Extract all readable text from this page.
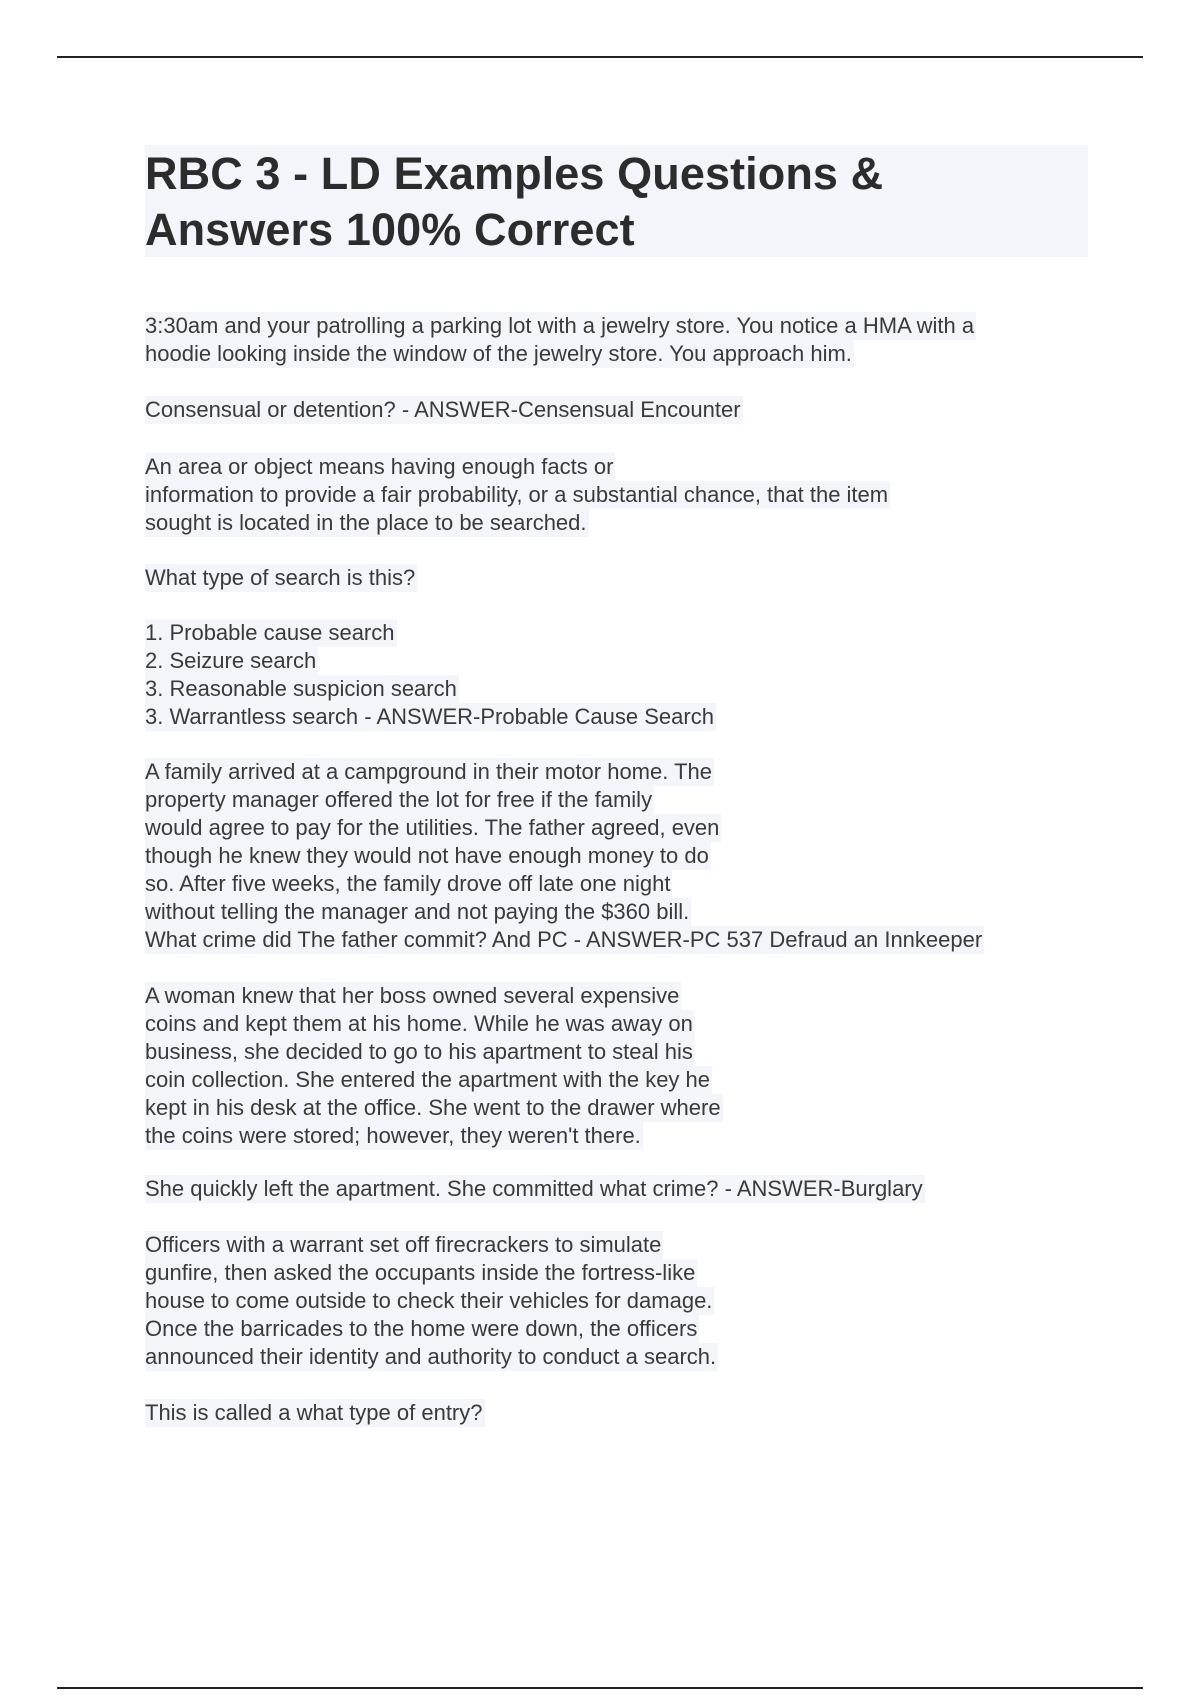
RBC 3 - LD Examples Questions &
Answers 100% Correct
3:30am and your patrolling a parking lot with a jewelry store. You notice a HMA with a
hoodie looking inside the window of the jewelry store. You approach him.
Consensual or detention? - ANSWER-Censensual Encounter
An area or object means having enough facts or
information to provide a fair probability, or a substantial chance, that the item
sought is located in the place to be searched.
What type of search is this?
1. Probable cause search
2. Seizure search
3. Reasonable suspicion search
3. Warrantless search - ANSWER-Probable Cause Search
A family arrived at a campground in their motor home. The
property manager offered the lot for free if the family
would agree to pay for the utilities. The father agreed, even
though he knew they would not have enough money to do
so. After five weeks, the family drove off late one night
without telling the manager and not paying the $360 bill.
What crime did The father commit? And PC - ANSWER-PC 537 Defraud an Innkeeper
A woman knew that her boss owned several expensive
coins and kept them at his home. While he was away on
business, she decided to go to his apartment to steal his
coin collection. She entered the apartment with the key he
kept in his desk at the office. She went to the drawer where
the coins were stored; however, they weren't there.
She quickly left the apartment. She committed what crime? - ANSWER-Burglary
Officers with a warrant set off firecrackers to simulate
gunfire, then asked the occupants inside the fortress-like
house to come outside to check their vehicles for damage.
Once the barricades to the home were down, the officers
announced their identity and authority to conduct a search.
This is called a what type of entry?
